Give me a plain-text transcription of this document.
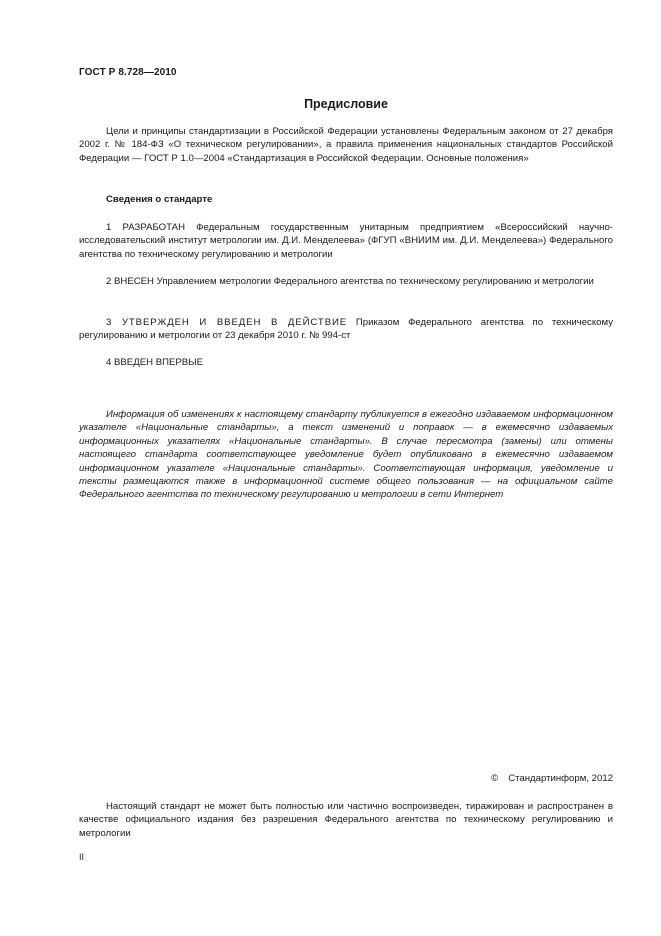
ГОСТ Р 8.728—2010
Предисловие

Цели и принципы стандартизации в Российской Федерации установлены Федеральным законом от 27 декабря 2002 г. № 184-ФЗ «О техническом регулировании», а правила применения национальных стандартов Российской Федерации — ГОСТ Р 1.0—2004 «Стандартизация в Российской Федерации. Основные положения»

Сведения о стандарте

1 РАЗРАБОТАН Федеральным государственным унитарным предприятием «Всероссийский научно-исследовательский институт метрологии им. Д.И. Менделеева» (ФГУП «ВНИИМ им. Д.И. Менделеева») Федерального агентства по техническому регулированию и метрологии

2 ВНЕСЕН Управлением метрологии Федерального агентства по техническому регулированию и метрологии

3 УТВЕРЖДЕН И ВВЕДЕН В ДЕЙСТВИЕ Приказом Федерального агентства по техническому регулированию и метрологии от 23 декабря 2010 г. № 994-ст

4 ВВЕДЕН ВПЕРВЫЕ

Информация об изменениях к настоящему стандарту публикуется в ежегодно издаваемом информационном указателе «Национальные стандарты», а текст изменений и поправок — в ежемесячно издаваемых информационных указателях «Национальные стандарты». В случае пересмотра (замены) или отмены настоящего стандарта соответствующее уведомление будет опубликовано в ежемесячно издаваемом информационном указателе «Национальные стандарты». Соответствующая информация, уведомление и тексты размещаются также в информационной системе общего пользования — на официальном сайте Федерального агентства по техническому регулированию и метрологии в сети Интернет

© Стандартинформ, 2012

Настоящий стандарт не может быть полностью или частично воспроизведен, тиражирован и распространен в качестве официального издания без разрешения Федерального агентства по техническому регулированию и метрологии

II
